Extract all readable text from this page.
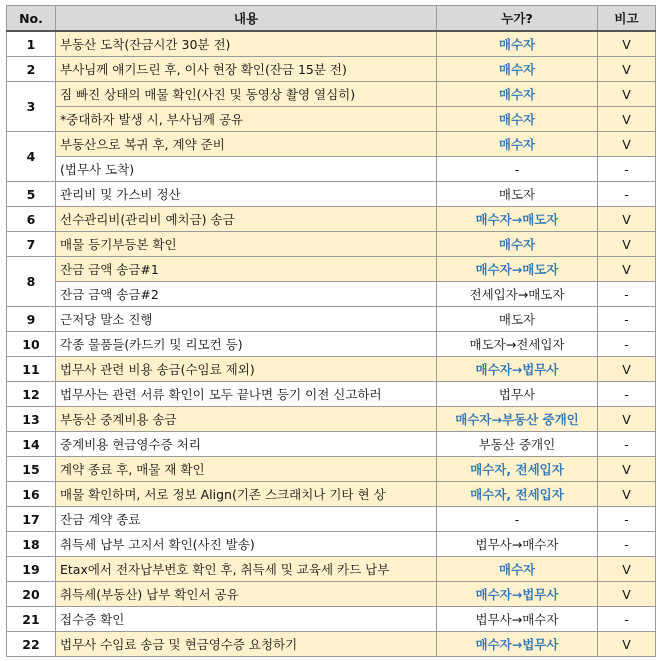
No.	내용	누가?	비고
1	부동산 도착(잔금시간 30분 전)	매수자	V
2	부사님께 얘기드린 후, 이사 현장 확인(잔금 15분 전)	매수자	V
3	짐 빠진 상태의 매물 확인(사진 및 동영상 촬영 열심히)	매수자	V
	*중대하자 발생 시, 부사님께 공유	매수자	V
4	부동산으로 복귀 후, 계약 준비	매수자	V
	(법무사 도착)	-	-
5	관리비 및 가스비 정산	매도자	-
6	선수관리비(관리비 예치금) 송금	매수자→매도자	V
7	매물 등기부등본 확인	매수자	V
8	잔금 금액 송금#1	매수자→매도자	V
	잔금 금액 송금#2	전세입자→매도자	-
9	근저당 말소 진행	매도자	-
10	각종 물품들(카드키 및 리모컨 등)	매도자→전세입자	-
11	법무사 관련 비용 송금(수임료 제외)	매수자→법무사	V
12	법무사는 관련 서류 확인이 모두 끝나면 등기 이전 신고하러	법무사	-
13	부동산 중계비용 송금	매수자→부동산 중개인	V
14	중계비용 현금영수증 처리	부동산 중개인	-
15	계약 종료 후, 매물 재 확인	매수자, 전세입자	V
16	매물 확인하며, 서로 정보 Align(기존 스크래치나 기타 현 상	매수자, 전세입자	V
17	잔금 계약 종료	-	-
18	취득세 납부 고지서 확인(사진 발송)	법무사→매수자	-
19	Etax에서 전자납부번호 확인 후, 취득세 및 교육세 카드 납부	매수자	V
20	취득세(부동산) 납부 확인서 공유	매수자→법무사	V
21	접수증 확인	법무사→매수자	-
22	법무사 수임료 송금 및 현금영수증 요청하기	매수자→법무사	V
